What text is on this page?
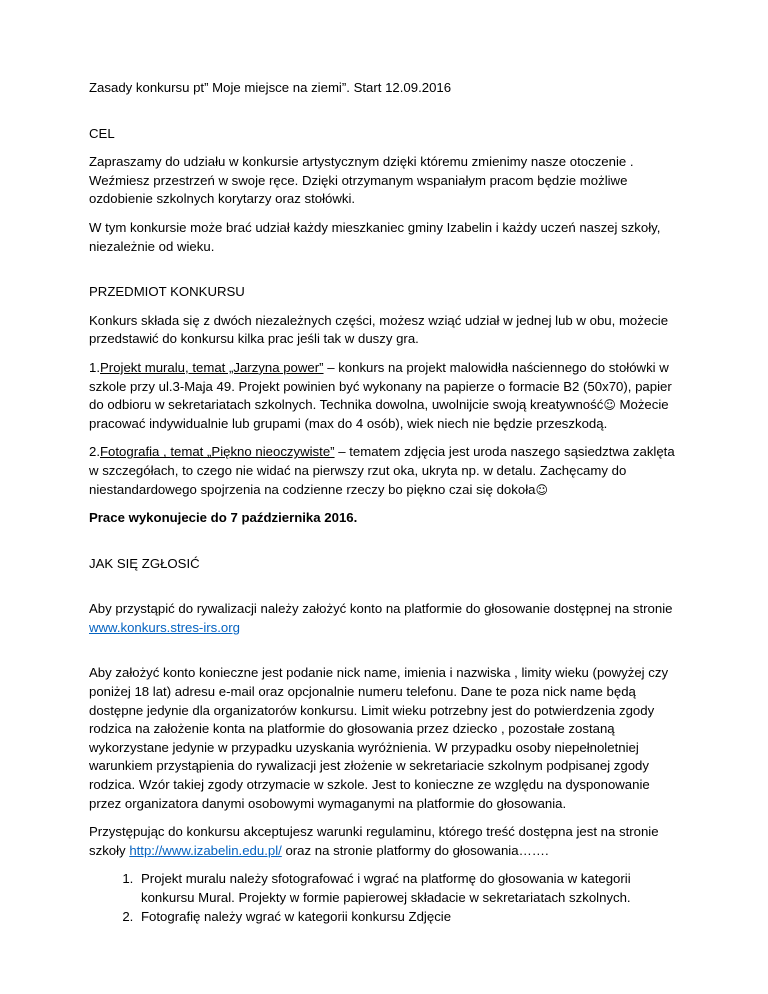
Zasady konkursu pt” Moje miejsce na ziemi”. Start 12.09.2016

CEL

Zapraszamy do udziału w konkursie artystycznym dzięki któremu zmienimy nasze otoczenie . Weźmiesz przestrzeń w swoje ręce. Dzięki otrzymanym wspaniałym pracom będzie możliwe ozdobienie szkolnych korytarzy oraz stołówki.

W tym konkursie może brać udział każdy mieszkaniec gminy Izabelin i każdy uczeń naszej szkoły, niezależnie od wieku.

PRZEDMIOT KONKURSU

Konkurs składa się z dwóch niezależnych części, możesz wziąć udział w jednej lub w obu, możecie przedstawić do konkursu kilka prac jeśli tak w duszy gra.

1.Projekt muralu, temat „Jarzyna power” – konkurs na projekt malowidła naściennego do stołówki w szkole przy ul.3-Maja 49. Projekt powinien być wykonany na papierze o formacie B2 (50x70), papier do odbioru w sekretariatach szkolnych. Technika dowolna, uwolnijcie swoją kreatywność☺ Możecie pracować indywidualnie lub grupami (max do 4 osób), wiek niech nie będzie przeszkodą.

2.Fotografia , temat „Piękno nieoczywiste” – tematem zdjęcia jest uroda naszego sąsiedztwa zaklęta w szczegółach, to czego nie widać na pierwszy rzut oka, ukryta np. w detalu. Zachęcamy do niestandardowego spojrzenia na codzienne rzeczy bo piękno czai się dokoła☺

Prace wykonujecie do 7 października 2016.

JAK SIĘ ZGŁOSIĆ

Aby przystąpić do rywalizacji należy założyć konto na platformie do głosowanie dostępnej na stronie www.konkurs.stres-irs.org

Aby założyć konto konieczne jest podanie nick name, imienia i nazwiska , limity wieku (powyżej czy poniżej 18 lat) adresu e-mail oraz opcjonalnie numeru telefonu. Dane te poza nick name będą dostępne jedynie dla organizatorów konkursu. Limit wieku potrzebny jest do potwierdzenia zgody rodzica na założenie konta na platformie do głosowania przez dziecko , pozostałe zostaną wykorzystane jedynie w przypadku uzyskania wyróżnienia. W przypadku osoby niepełnoletniej warunkiem przystąpienia do rywalizacji jest złożenie w sekretariacie szkolnym podpisanej zgody rodzica. Wzór takiej zgody otrzymacie w szkole. Jest to konieczne ze względu na dysponowanie przez organizatora danymi osobowymi wymaganymi na platformie do głosowania.

Przystępując do konkursu akceptujesz warunki regulaminu, którego treść dostępna jest na stronie szkoły http://www.izabelin.edu.pl/ oraz na stronie platformy do głosowania…….

1. Projekt muralu należy sfotografować i wgrać na platformę do głosowania w kategorii konkursu Mural. Projekty w formie papierowej składacie w sekretariatach szkolnych.
2. Fotografię należy wgrać w kategorii konkursu Zdjęcie
